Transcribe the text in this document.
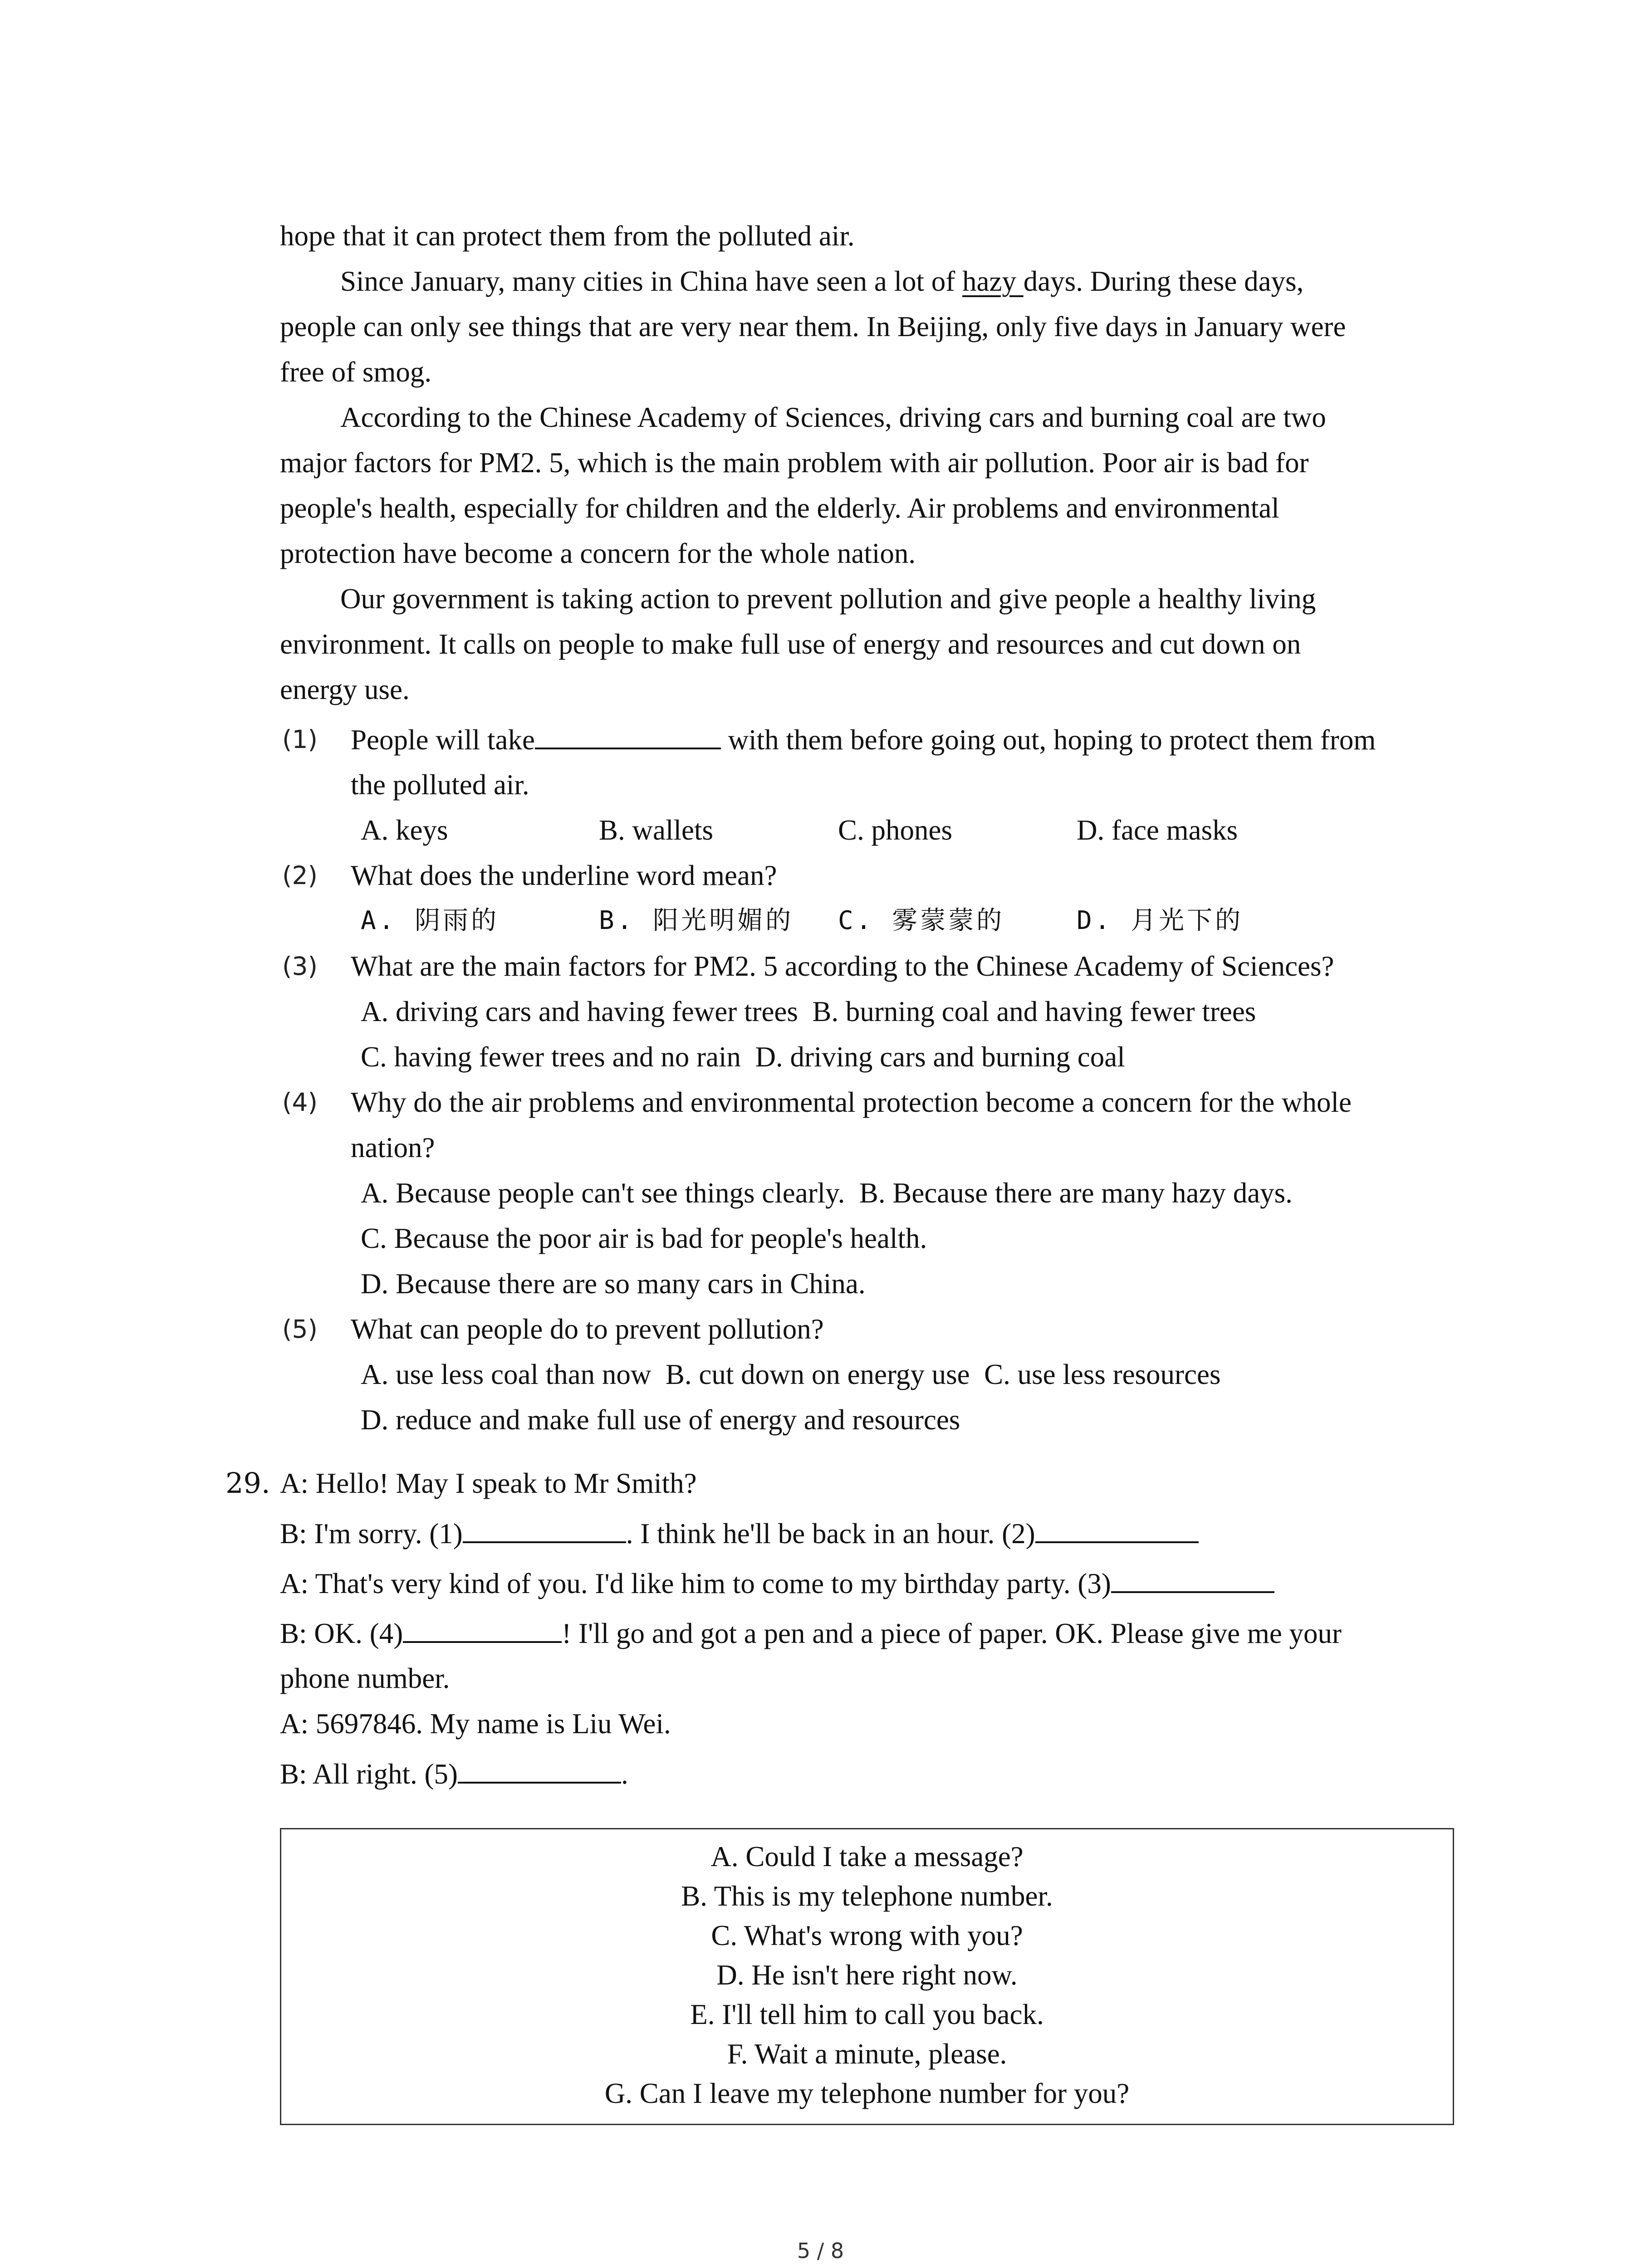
hope that it can protect them from the polluted air.
Since January, many cities in China have seen a lot of hazy days. During these days,
people can only see things that are very near them. In Beijing, only five days in January were
free of smog.
According to the Chinese Academy of Sciences, driving cars and burning coal are two
major factors for PM2. 5, which is the main problem with air pollution. Poor air is bad for
people's health, especially for children and the elderly. Air problems and environmental
protection have become a concern for the whole nation.
Our government is taking action to prevent pollution and give people a healthy living
environment. It calls on people to make full use of energy and resources and cut down on
energy use.
(1) People will take	with them before going out, hoping to protect them from
the polluted air.
A. keys	B. wallets	C. phones	D. face masks
(2) What does the underline word mean?
A. 阴雨的	B. 阳光明媚的 C. 雾蒙蒙的	D. 月光下的
(3) What are the main factors for PM2. 5 according to the Chinese Academy of Sciences?
A. driving cars and having fewer trees  B. burning coal and having fewer trees
C. having fewer trees and no rain  D. driving cars and burning coal
(4) Why do the air problems and environmental protection become a concern for the whole
nation?
A. Because people can't see things clearly.  B. Because there are many hazy days.
C. Because the poor air is bad for people's health.
D. Because there are so many cars in China.
(5) What can people do to prevent pollution?
A. use less coal than now  B. cut down on energy use  C. use less resources
D. reduce and make full use of energy and resources
29. A: Hello! May I speak to Mr Smith?
B: I'm sorry. (1)	. I think he'll be back in an hour. (2)
A: That's very kind of you. I'd like him to come to my birthday party. (3)
B: OK. (4)	! I'll go and got a pen and a piece of paper. OK. Please give me your
phone number.
A: 5697846. My name is Liu Wei.
B: All right. (5)	.
A. Could I take a message?
B. This is my telephone number.
C. What's wrong with you?
D. He isn't here right now.
E. I'll tell him to call you back.
F. Wait a minute, please.
G. Can I leave my telephone number for you?
5 / 8
